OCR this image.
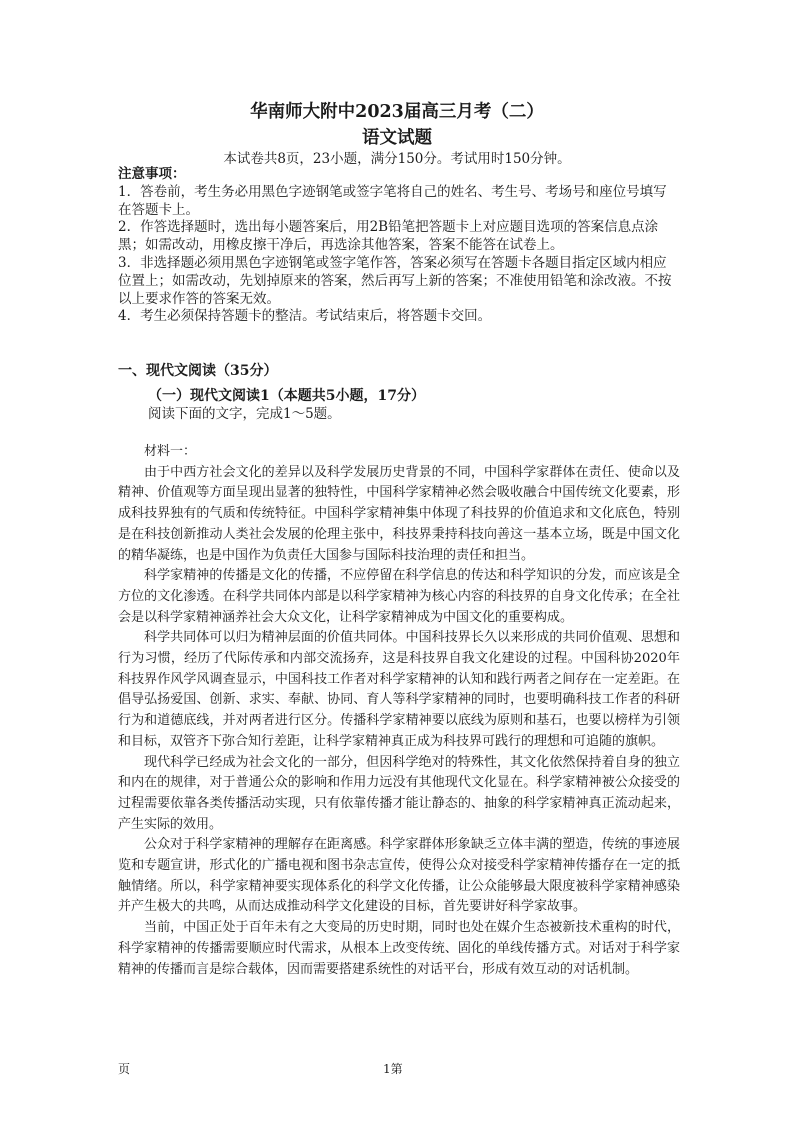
华南师大附中2023届高三月考（二）
语文试题
本试卷共8页，23小题，满分150分。考试用时150分钟。

注意事项：

1．答卷前，考生务必用黑色字迹钢笔或签字笔将自己的姓名、考生号、考场号和座位号填写在答题卡上。

2．作答选择题时，选出每小题答案后，用2B铅笔把答题卡上对应题目选项的答案信息点涂黑；如需改动，用橡皮擦干净后，再选涂其他答案，答案不能答在试卷上。

3．非选择题必须用黑色字迹钢笔或签字笔作答，答案必须写在答题卡各题目指定区域内相应位置上；如需改动，先划掉原来的答案，然后再写上新的答案；不准使用铅笔和涂改液。不按以上要求作答的答案无效。

4．考生必须保持答题卡的整洁。考试结束后，将答题卡交回。

一、现代文阅读（35分）
（一）现代文阅读1（本题共5小题，17分）

阅读下面的文字，完成1～5题。

材料一：

由于中西方社会文化的差异以及科学发展历史背景的不同，中国科学家群体在责任、使命以及精神、价值观等方面呈现出显著的独特性，中国科学家精神必然会吸收融合中国传统文化要素，形成科技界独有的气质和传统特征。中国科学家精神集中体现了科技界的价值追求和文化底色，特别是在科技创新推动人类社会发展的伦理主张中，科技界秉持科技向善这一基本立场，既是中国文化的精华凝练，也是中国作为负责任大国参与国际科技治理的责任和担当。

科学家精神的传播是文化的传播，不应停留在科学信息的传达和科学知识的分发，而应该是全方位的文化渗透。在科学共同体内部是以科学家精神为核心内容的科技界的自身文化传承；在全社会是以科学家精神涵养社会大众文化，让科学家精神成为中国文化的重要构成。

科学共同体可以归为精神层面的价值共同体。中国科技界长久以来形成的共同价值观、思想和行为习惯，经历了代际传承和内部交流扬弃，这是科技界自我文化建设的过程。中国科协2020年科技界作风学风调查显示，中国科技工作者对科学家精神的认知和践行两者之间存在一定差距。在倡导弘扬爱国、创新、求实、奉献、协同、育人等科学家精神的同时，也要明确科技工作者的科研行为和道德底线，并对两者进行区分。传播科学家精神要以底线为原则和基石，也要以榜样为引领和目标，双管齐下弥合知行差距，让科学家精神真正成为科技界可践行的理想和可追随的旗帜。

现代科学已经成为社会文化的一部分，但因科学绝对的特殊性，其文化依然保持着自身的独立和内在的规律，对于普通公众的影响和作用力远没有其他现代文化显在。科学家精神被公众接受的过程需要依靠各类传播活动实现，只有依靠传播才能让静态的、抽象的科学家精神真正流动起来，产生实际的效用。

公众对于科学家精神的理解存在距离感。科学家群体形象缺乏立体丰满的塑造，传统的事迹展览和专题宣讲，形式化的广播电视和图书杂志宣传，使得公众对接受科学家精神传播存在一定的抵触情绪。所以，科学家精神要实现体系化的科学文化传播，让公众能够最大限度被科学家精神感染并产生极大的共鸣，从而达成推动科学文化建设的目标，首先要讲好科学家故事。

当前，中国正处于百年未有之大变局的历史时期，同时也处在媒介生态被新技术重构的时代，科学家精神的传播需要顺应时代需求，从根本上改变传统、固化的单线传播方式。对话对于科学家精神的传播而言是综合载体，因而需要搭建系统性的对话平台，形成有效互动的对话机制。

页	1第
